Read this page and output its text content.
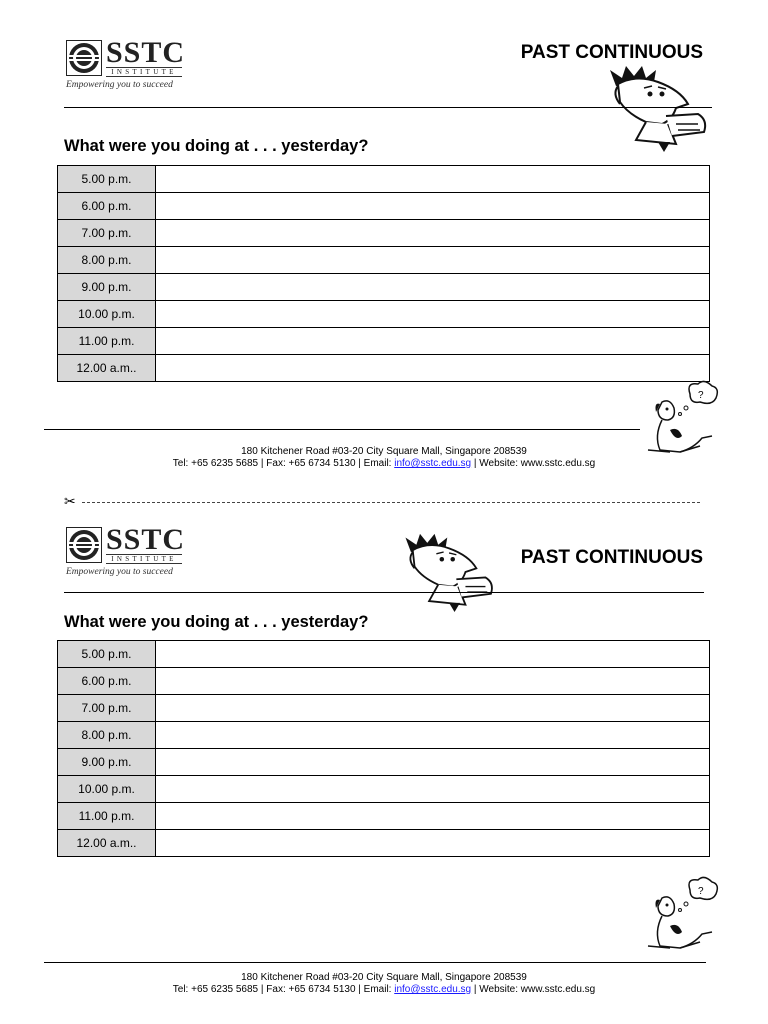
SSTC
INSTITUTE
Empowering you to succeed
PAST CONTINUOUS
What were you doing at . . . yesterday?
5.00 p.m.	
6.00 p.m.	
7.00 p.m.	
8.00 p.m.	
9.00 p.m.	
10.00 p.m.	
11.00 p.m.	
12.00 a.m..	
?
180 Kitchener Road #03-20 City Square Mall, Singapore 208539
Tel: +65 6235 5685 | Fax: +65 6734 5130 | Email: info@sstc.edu.sg | Website: www.sstc.edu.sg
✂
SSTC
INSTITUTE
Empowering you to succeed
PAST CONTINUOUS
What were you doing at . . . yesterday?
5.00 p.m.	
6.00 p.m.	
7.00 p.m.	
8.00 p.m.	
9.00 p.m.	
10.00 p.m.	
11.00 p.m.	
12.00 a.m..	
?
180 Kitchener Road #03-20 City Square Mall, Singapore 208539
Tel: +65 6235 5685 | Fax: +65 6734 5130 | Email: info@sstc.edu.sg | Website: www.sstc.edu.sg
